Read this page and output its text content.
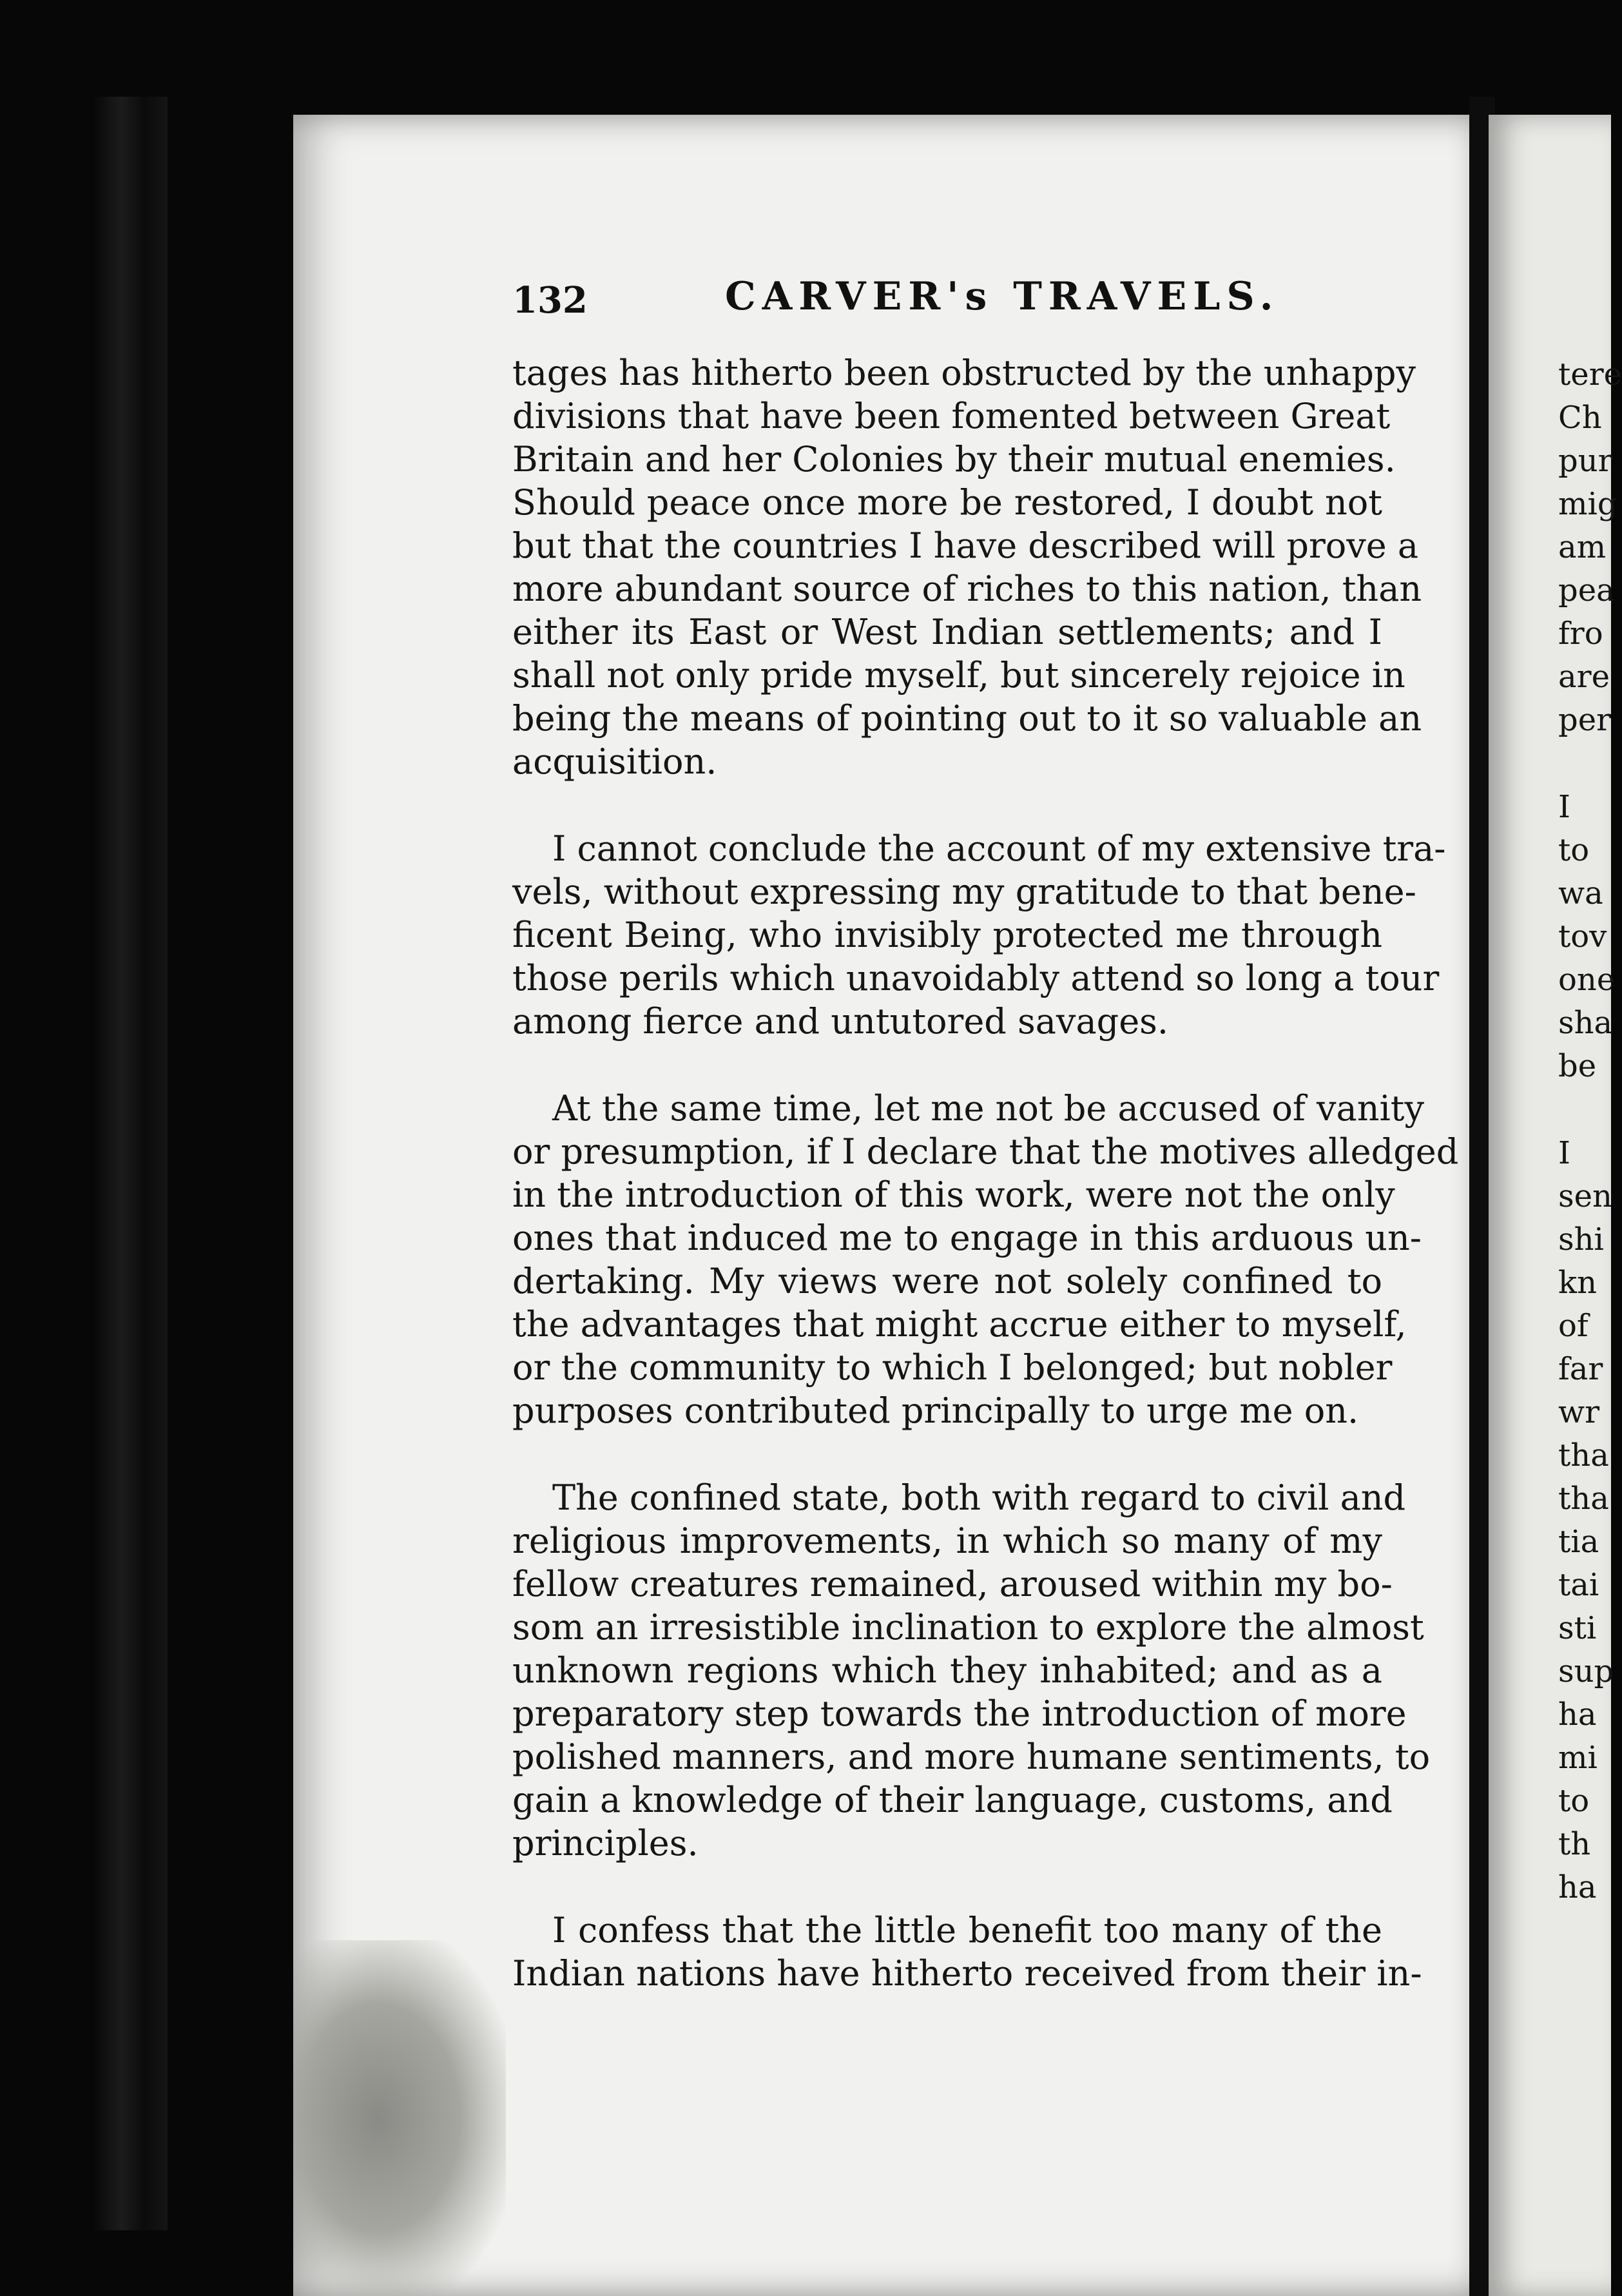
132	CARVER's TRAVELS.
tages has hitherto been obstructed by the unhappy
divisions that have been fomented between Great
Britain and her Colonies by their mutual enemies.
Should peace once more be restored, I doubt not
but that the countries I have described will prove a
more abundant source of riches to this nation, than
either its East or West Indian settlements; and I
shall not only pride myself, but sincerely rejoice in
being the means of pointing out to it so valuable an
acquisition.
I cannot conclude the account of my extensive tra-
vels, without expressing my gratitude to that bene-
ficent Being, who invisibly protected me through
those perils which unavoidably attend so long a tour
among fierce and untutored savages.
At the same time, let me not be accused of vanity
or presumption, if I declare that the motives alledged
in the introduction of this work, were not the only
ones that induced me to engage in this arduous un-
dertaking. My views were not solely confined to
the advantages that might accrue either to myself,
or the community to which I belonged; but nobler
purposes contributed principally to urge me on.
The confined state, both with regard to civil and
religious improvements, in which so many of my
fellow creatures remained, aroused within my bo-
som an irresistible inclination to explore the almost
unknown regions which they inhabited; and as a
preparatory step towards the introduction of more
polished manners, and more humane sentiments, to
gain a knowledge of their language, customs, and
principles.
I confess that the little benefit too many of the
Indian nations have hitherto received from their in-
tere
Ch
pur
mig
am
pea
fro
are
per
I
to
wa
tov
one
sha
be
I
sen
shi
kn
of
far
wr
tha
tha
tia
tai
sti
sup
ha
mi
to
th
ha
